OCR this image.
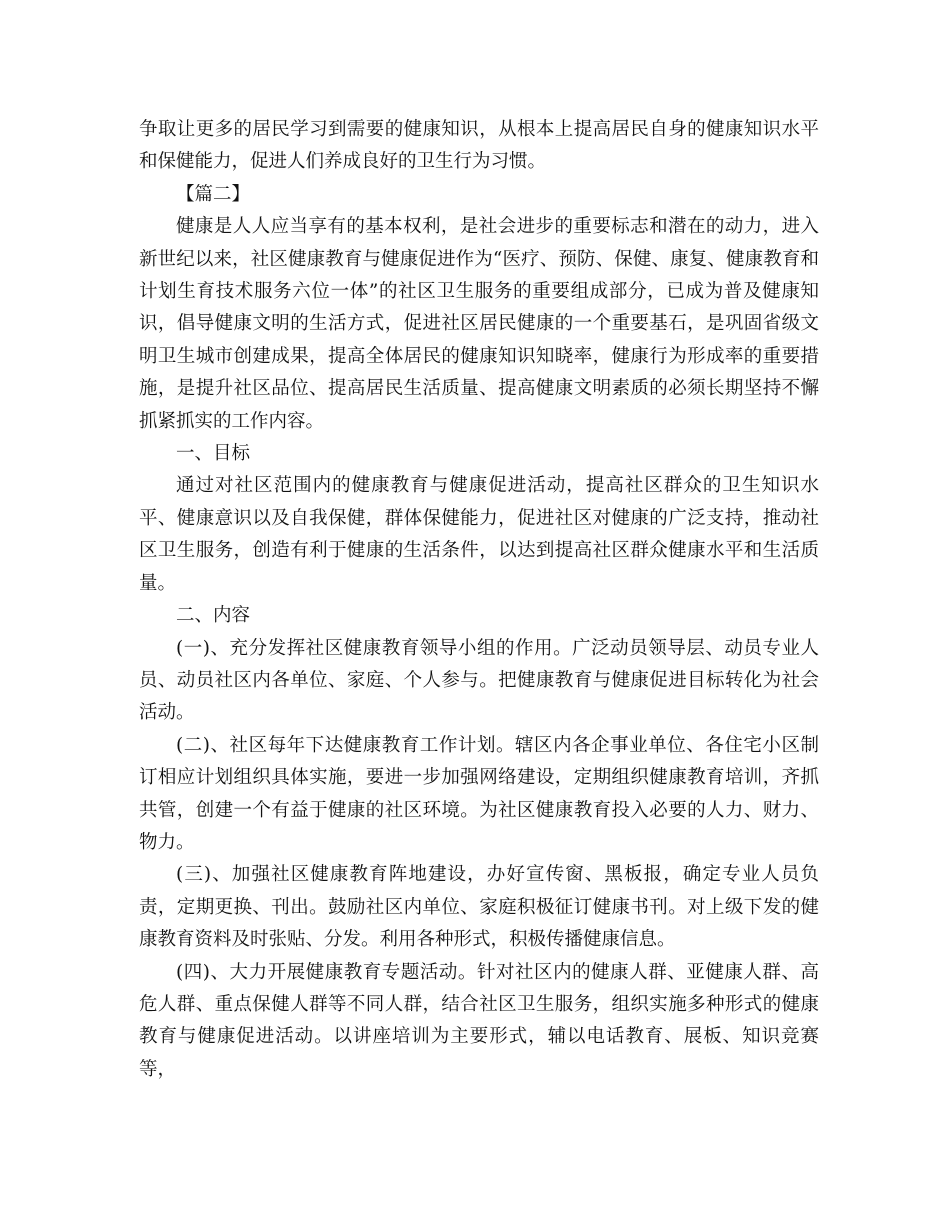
争取让更多的居民学习到需要的健康知识，从根本上提高居民自身的健康知识水平和保健能力，促进人们养成良好的卫生行为习惯。

【篇二】

健康是人人应当享有的基本权利，是社会进步的重要标志和潜在的动力，进入新世纪以来，社区健康教育与健康促进作为“医疗、预防、保健、康复、健康教育和计划生育技术服务六位一体”的社区卫生服务的重要组成部分，已成为普及健康知识，倡导健康文明的生活方式，促进社区居民健康的一个重要基石，是巩固省级文明卫生城市创建成果，提高全体居民的健康知识知晓率，健康行为形成率的重要措施，是提升社区品位、提高居民生活质量、提高健康文明素质的必须长期坚持不懈抓紧抓实的工作内容。

一、目标

通过对社区范围内的健康教育与健康促进活动，提高社区群众的卫生知识水平、健康意识以及自我保健，群体保健能力，促进社区对健康的广泛支持，推动社区卫生服务，创造有利于健康的生活条件，以达到提高社区群众健康水平和生活质量。

二、内容

(一)、充分发挥社区健康教育领导小组的作用。广泛动员领导层、动员专业人员、动员社区内各单位、家庭、个人参与。把健康教育与健康促进目标转化为社会活动。

(二)、社区每年下达健康教育工作计划。辖区内各企事业单位、各住宅小区制订相应计划组织具体实施，要进一步加强网络建设，定期组织健康教育培训，齐抓共管，创建一个有益于健康的社区环境。为社区健康教育投入必要的人力、财力、物力。

(三)、加强社区健康教育阵地建设，办好宣传窗、黑板报，确定专业人员负责，定期更换、刊出。鼓励社区内单位、家庭积极征订健康书刊。对上级下发的健康教育资料及时张贴、分发。利用各种形式，积极传播健康信息。

(四)、大力开展健康教育专题活动。针对社区内的健康人群、亚健康人群、高危人群、重点保健人群等不同人群，结合社区卫生服务，组织实施多种形式的健康教育与健康促进活动。以讲座培训为主要形式，辅以电话教育、展板、知识竞赛等，
